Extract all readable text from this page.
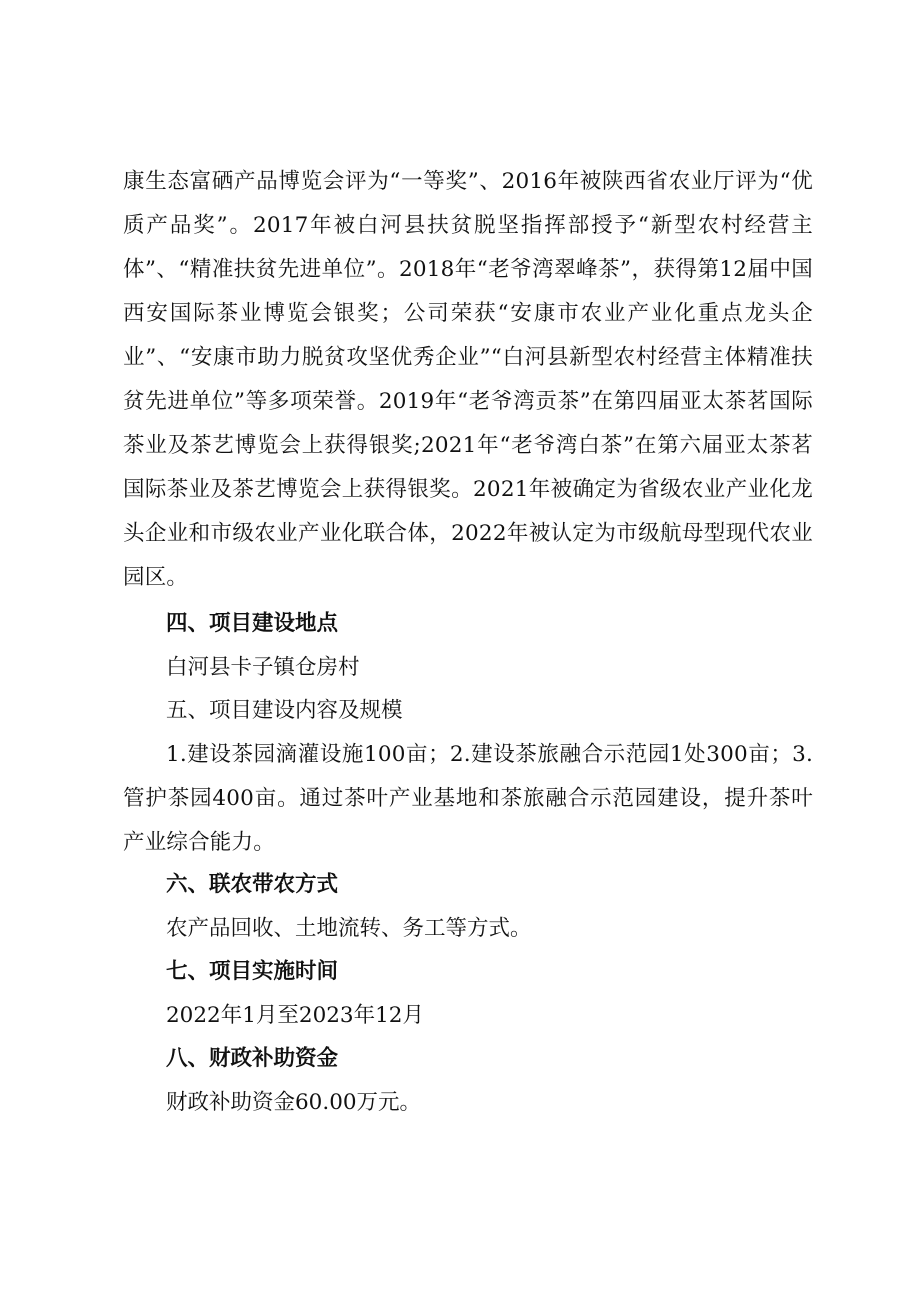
康生态富硒产品博览会评为“一等奖”、2016年被陕西省农业厅评为“优质产品奖”。2017年被白河县扶贫脱坚指挥部授予“新型农村经营主体”、“精准扶贫先进单位”。2018年“老爷湾翠峰茶”，获得第12届中国西安国际茶业博览会银奖；公司荣获“安康市农业产业化重点龙头企业”、“安康市助力脱贫攻坚优秀企业”“白河县新型农村经营主体精准扶贫先进单位”等多项荣誉。2019年“老爷湾贡茶”在第四届亚太茶茗国际茶业及茶艺博览会上获得银奖;2021年“老爷湾白茶”在第六届亚太茶茗国际茶业及茶艺博览会上获得银奖。2021年被确定为省级农业产业化龙头企业和市级农业产业化联合体，2022年被认定为市级航母型现代农业园区。

四、项目建设地点
白河县卡子镇仓房村
五、项目建设内容及规模

1.建设茶园滴灌设施100亩；2.建设茶旅融合示范园1处300亩；3.管护茶园400亩。通过茶叶产业基地和茶旅融合示范园建设，提升茶叶产业综合能力。

六、联农带农方式
农产品回收、土地流转、务工等方式。
七、项目实施时间
2022年1月至2023年12月
八、财政补助资金
财政补助资金60.00万元。
